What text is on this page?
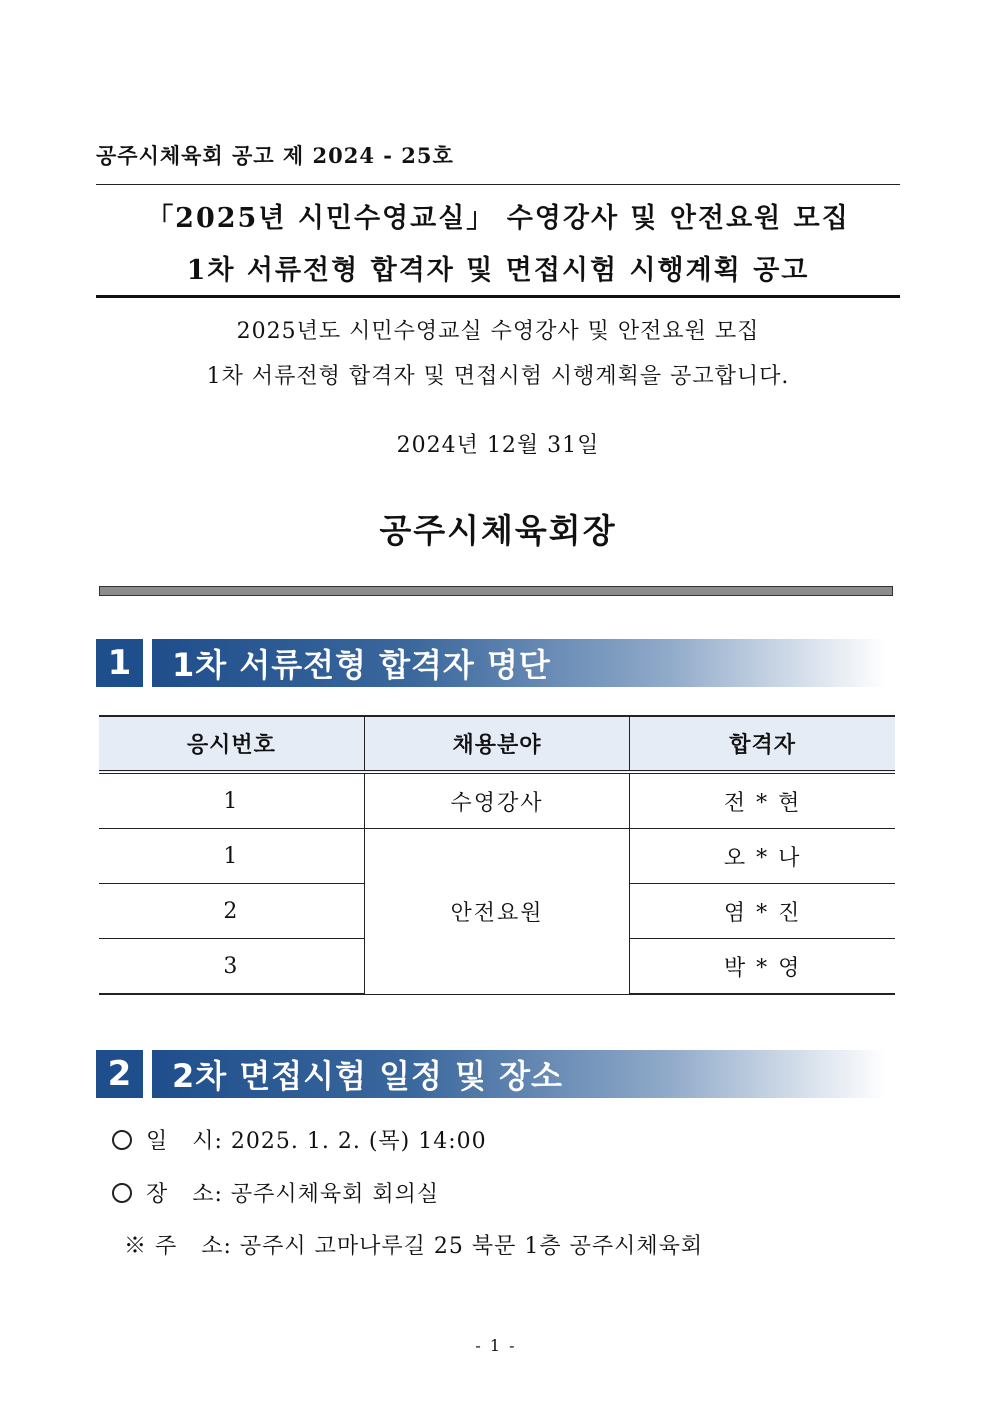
공주시체육회 공고 제 2024 - 25호
「2025년 시민수영교실」 수영강사 및 안전요원 모집
1차 서류전형 합격자 및 면접시험 시행계획 공고
2025년도 시민수영교실 수영강사 및 안전요원 모집
1차 서류전형 합격자 및 면접시험 시행계획을 공고합니다.
2024년 12월 31일
공주시체육회장
1	1차 서류전형 합격자 명단
응시번호	채용분야	합격자
1	수영강사	전 * 현
1	안전요원	오 * 나
2		염 * 진
3		박 * 영
2	2차 면접시험 일정 및 장소
일   시: 2025. 1. 2. (목) 14:00
장   소: 공주시체육회 회의실
※ 주   소: 공주시 고마나루길 25 북문 1층 공주시체육회
- 1 -
